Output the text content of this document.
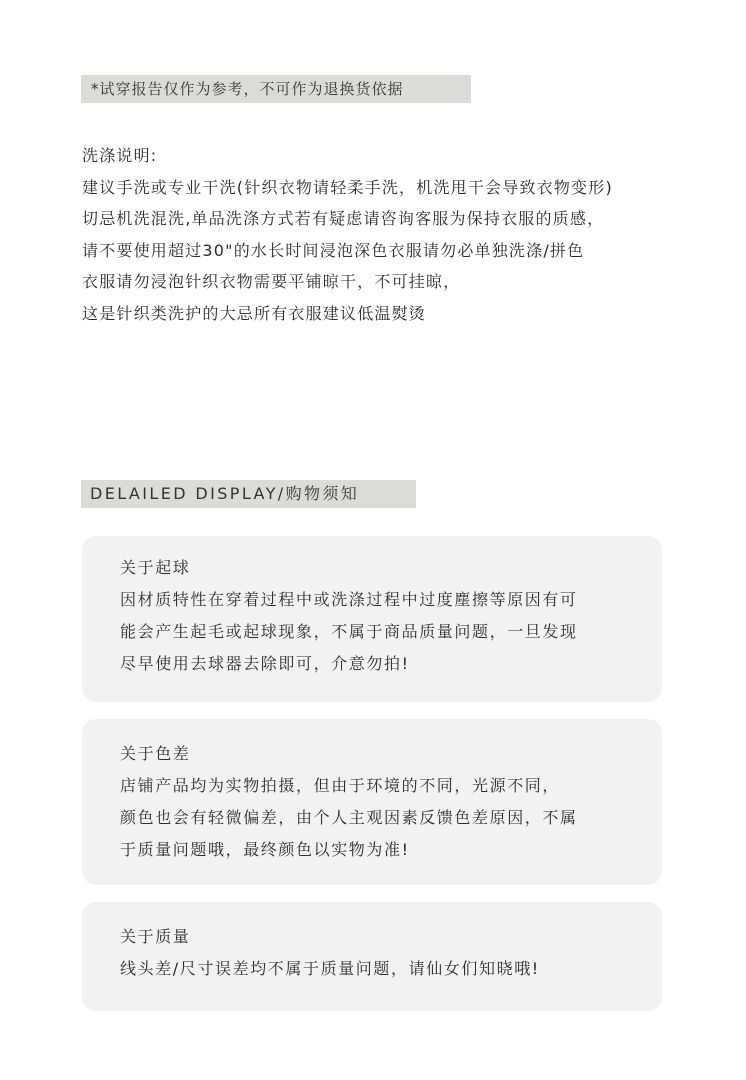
*试穿报告仅作为参考，不可作为退换货依据
洗涤说明:
建议手洗或专业干洗(针织衣物请轻柔手洗，机洗甩干会导致衣物变形)
切忌机洗混洗,单品洗涤方式若有疑虑请咨询客服为保持衣服的质感，
请不要使用超过30"的水长时间浸泡深色衣服请勿必单独洗涤/拼色
衣服请勿浸泡针织衣物需要平铺晾干，不可挂晾，
这是针织类洗护的大忌所有衣服建议低温熨烫
DELAILED DISPLAY/购物须知
关于起球
因材质特性在穿着过程中或洗涤过程中过度塵擦等原因有可
能会产生起毛或起球现象，不属于商品质量问题，一旦发现
尽早使用去球器去除即可，介意勿拍!
关于色差
店铺产品均为实物拍摄，但由于环境的不同，光源不同，
颜色也会有轻微偏差，由个人主观因素反馈色差原因，不属
于质量问题哦，最终颜色以实物为准!
关于质量
线头差/尺寸误差均不属于质量问题，请仙女们知晓哦!
